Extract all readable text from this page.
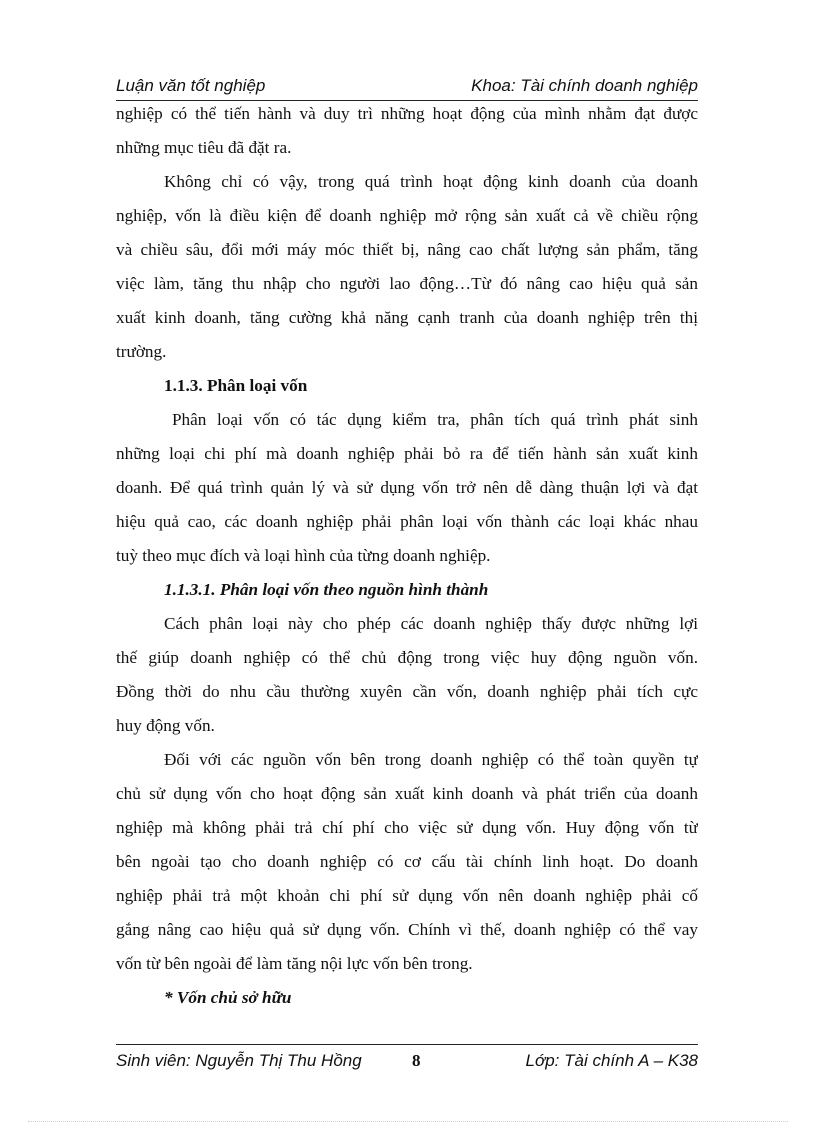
Luận văn tốt nghiệp	Khoa: Tài chính doanh nghiệp
nghiệp có thể tiến hành và duy trì những hoạt động của mình nhằm đạt được
những mục tiêu đã đặt ra.
Không chỉ có vậy, trong quá trình hoạt động kinh doanh của doanh
nghiệp, vốn là điều kiện để doanh nghiệp mở rộng sản xuất cả về chiều rộng
và chiều sâu, đổi mới máy móc thiết bị, nâng cao chất lượng sản phẩm, tăng
việc làm, tăng thu nhập cho người lao động…Từ đó nâng cao hiệu quả sản
xuất kinh doanh, tăng cường khả năng cạnh tranh của doanh nghiệp trên thị
trường.
1.1.3. Phân loại vốn
Phân loại vốn có tác dụng kiểm tra, phân tích quá trình phát sinh
những loại chi phí mà doanh nghiệp phải bỏ ra để tiến hành sản xuất kinh
doanh. Để quá trình quản lý và sử dụng vốn trở nên dễ dàng thuận lợi và đạt
hiệu quả cao, các doanh nghiệp phải phân loại vốn thành các loại khác nhau
tuỳ theo mục đích và loại hình của từng doanh nghiệp.
1.1.3.1. Phân loại vốn theo nguồn hình thành
Cách phân loại này cho phép các doanh nghiệp thấy được những lợi
thế giúp doanh nghiệp có thể chủ động trong việc huy động nguồn vốn.
Đồng thời do nhu cầu thường xuyên cần vốn, doanh nghiệp phải tích cực
huy động vốn.
Đối với các nguồn vốn bên trong doanh nghiệp có thể toàn quyền tự
chủ sử dụng vốn cho hoạt động sản xuất kinh doanh và phát triển của doanh
nghiệp mà không phải trả chí phí cho việc sử dụng vốn. Huy động vốn từ
bên ngoài tạo cho doanh nghiệp có cơ cấu tài chính linh hoạt. Do doanh
nghiệp phải trả một khoản chi phí sử dụng vốn nên doanh nghiệp phải cố
gắng nâng cao hiệu quả sử dụng vốn. Chính vì thế, doanh nghiệp có thể vay
vốn từ bên ngoài để làm tăng nội lực vốn bên trong.
* Vốn chủ sở hữu
Sinh viên: Nguyễn Thị Thu Hồng	8	Lớp: Tài chính A – K38
